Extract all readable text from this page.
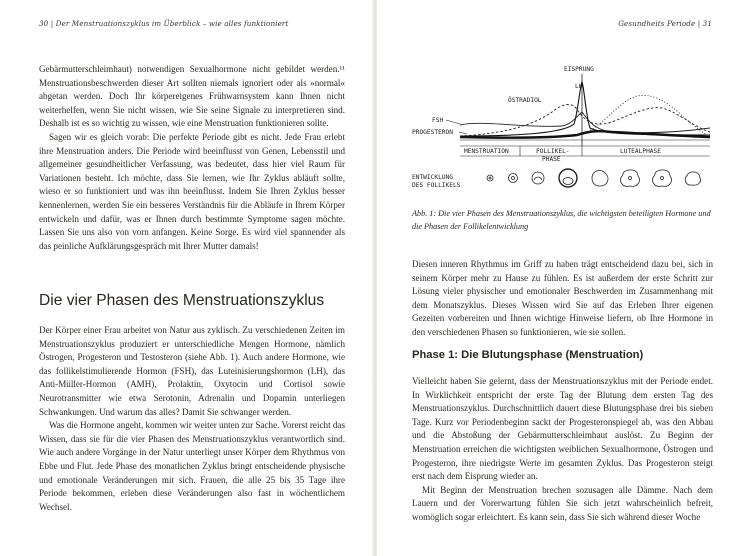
30 | Der Menstruationszyklus im Überblick – wie alles funktioniert

Gebärmutterschleimhaut) notwendigen Sexualhormone nicht gebildet werden.¹¹ Menstruationsbeschwerden dieser Art sollten niemals ignoriert oder als »normal« abgetan werden. Doch Ihr körpereigenes Frühwarnsystem kann Ihnen nicht weiterhelfen, wenn Sie nicht wissen, wie Sie seine Signale zu interpretieren sind. Deshalb ist es so wichtig zu wissen, wie eine Menstruation funktionieren sollte.

Sagen wir es gleich vorab: Die perfekte Periode gibt es nicht. Jede Frau erlebt ihre Menstruation anders. Die Periode wird beeinflusst von Genen, Lebensstil und allgemeiner gesundheitlicher Verfassung, was bedeutet, dass hier viel Raum für Variationen besteht. Ich möchte, dass Sie lernen, wie Ihr Zyklus abläuft sollte, wieso er so funktioniert und was ihn beeinflusst. Indem Sie Ihren Zyklus besser kennenlernen, werden Sie ein besseres Verständnis für die Abläufe in Ihrem Körper entwickeln und dafür, was er Ihnen durch bestimmte Symptome sagen möchte. Lassen Sie uns also von vorn anfangen. Keine Sorge. Es wird viel spannender als das peinliche Aufklärungsgespräch mit Ihrer Mutter damals!

Die vier Phasen des Menstruationszyklus

Der Körper einer Frau arbeitet von Natur aus zyklisch. Zu verschiedenen Zeiten im Menstruationszyklus produziert er unterschiedliche Mengen Hormone, nämlich Östrogen, Progesteron und Testosteron (siehe Abb. 1). Auch andere Hormone, wie das follikelstimulierende Hormon (FSH), das Luteinisierungshormon (LH), das Anti-Müller-Hormon (AMH), Prolaktin, Oxytocin und Cortisol sowie Neurotransmitter wie etwa Serotonin, Adrenalin und Dopamin unterliegen Schwankungen. Und warum das alles? Damit Sie schwanger werden.

Was die Hormone angeht, kommen wir weiter unten zur Sache. Vorerst reicht das Wissen, dass sie für die vier Phasen des Menstruationszyklus verantwortlich sind. Wie auch andere Vorgänge in der Natur unterliegt unser Körper dem Rhythmus von Ebbe und Flut. Jede Phase des monatlichen Zyklus bringt entscheidende physische und emotionale Veränderungen mit sich. Frauen, die alle 25 bis 35 Tage ihre Periode bekommen, erleben diese Veränderungen also fast in wöchentlichem Wechsel.

Gesundheits Periode | 31
EISPRUNG
LH
ÖSTRADIOL
FSH
PROGESTERON
MENSTRUATION	FOLLIKEL-
PHASE
LUTEALPHASE
ENTWICKLUNG
DES FOLLIKELS
Abb. 1: Die vier Phasen des Menstruationszyklus, die wichtigsten beteiligten Hormone und die Phasen der Follikelentwicklung

Diesen inneren Rhythmus im Griff zu haben trägt entscheidend dazu bei, sich in seinem Körper mehr zu Hause zu fühlen. Es ist außerdem der erste Schritt zur Lösung vieler physischer und emotionaler Beschwerden im Zusammenhang mit dem Monatszyklus. Dieses Wissen wird Sie auf das Erleben Ihrer eigenen Gezeiten vorbereiten und Ihnen wichtige Hinweise liefern, ob Ihre Hormone in den verschiedenen Phasen so funktionieren, wie sie sollen.

Phase 1: Die Blutungsphase (Menstruation)

Vielleicht haben Sie gelernt, dass der Menstruationszyklus mit der Periode endet. In Wirklichkeit entspricht der erste Tag der Blutung dem ersten Tag des Menstruationszyklus. Durchschnittlich dauert diese Blutungsphase drei bis sieben Tage. Kurz vor Periodenbeginn sackt der Progesteronspiegel ab, was den Abbau und die Abstoßung der Gebärmutterschleimhaut auslöst. Zu Beginn der Menstruation erreichen die wichtigsten weiblichen Sexualhormone, Östrogen und Progesteron, ihre niedrigste Werte im gesamten Zyklus. Das Progesteron steigt erst nach dem Eisprung wieder an.

Mit Beginn der Menstruation brechen sozusagen alle Dämme. Nach dem Lauern und der Vorerwartung fühlen Sie sich jetzt wahrscheinlich befreit, womöglich sogar erleichtert. Es kann sein, dass Sie sich während dieser Woche
